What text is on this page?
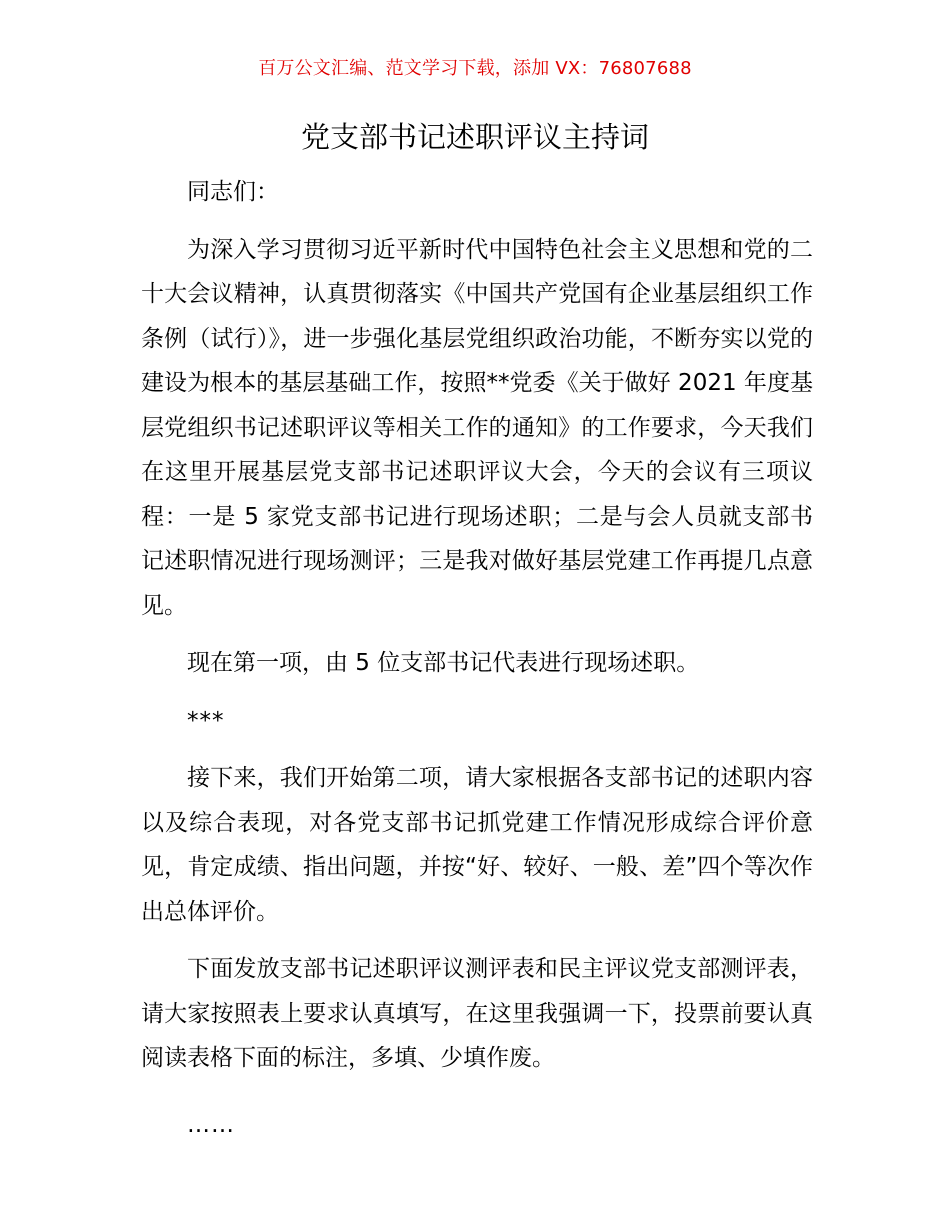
百万公文汇编、范文学习下载，添加 VX：76807688
党支部书记述职评议主持词

同志们：

为深入学习贯彻习近平新时代中国特色社会主义思想和党的二十大会议精神，认真贯彻落实《中国共产党国有企业基层组织工作条例（试行）》，进一步强化基层党组织政治功能，不断夯实以党的建设为根本的基层基础工作，按照**党委《关于做好 2021 年度基层党组织书记述职评议等相关工作的通知》的工作要求，今天我们在这里开展基层党支部书记述职评议大会，今天的会议有三项议程：一是 5 家党支部书记进行现场述职；二是与会人员就支部书记述职情况进行现场测评；三是我对做好基层党建工作再提几点意见。

现在第一项，由 5 位支部书记代表进行现场述职。

***

接下来，我们开始第二项，请大家根据各支部书记的述职内容以及综合表现，对各党支部书记抓党建工作情况形成综合评价意见，肯定成绩、指出问题，并按“好、较好、一般、差”四个等次作出总体评价。

下面发放支部书记述职评议测评表和民主评议党支部测评表，请大家按照表上要求认真填写，在这里我强调一下，投票前要认真阅读表格下面的标注，多填、少填作废。

……
